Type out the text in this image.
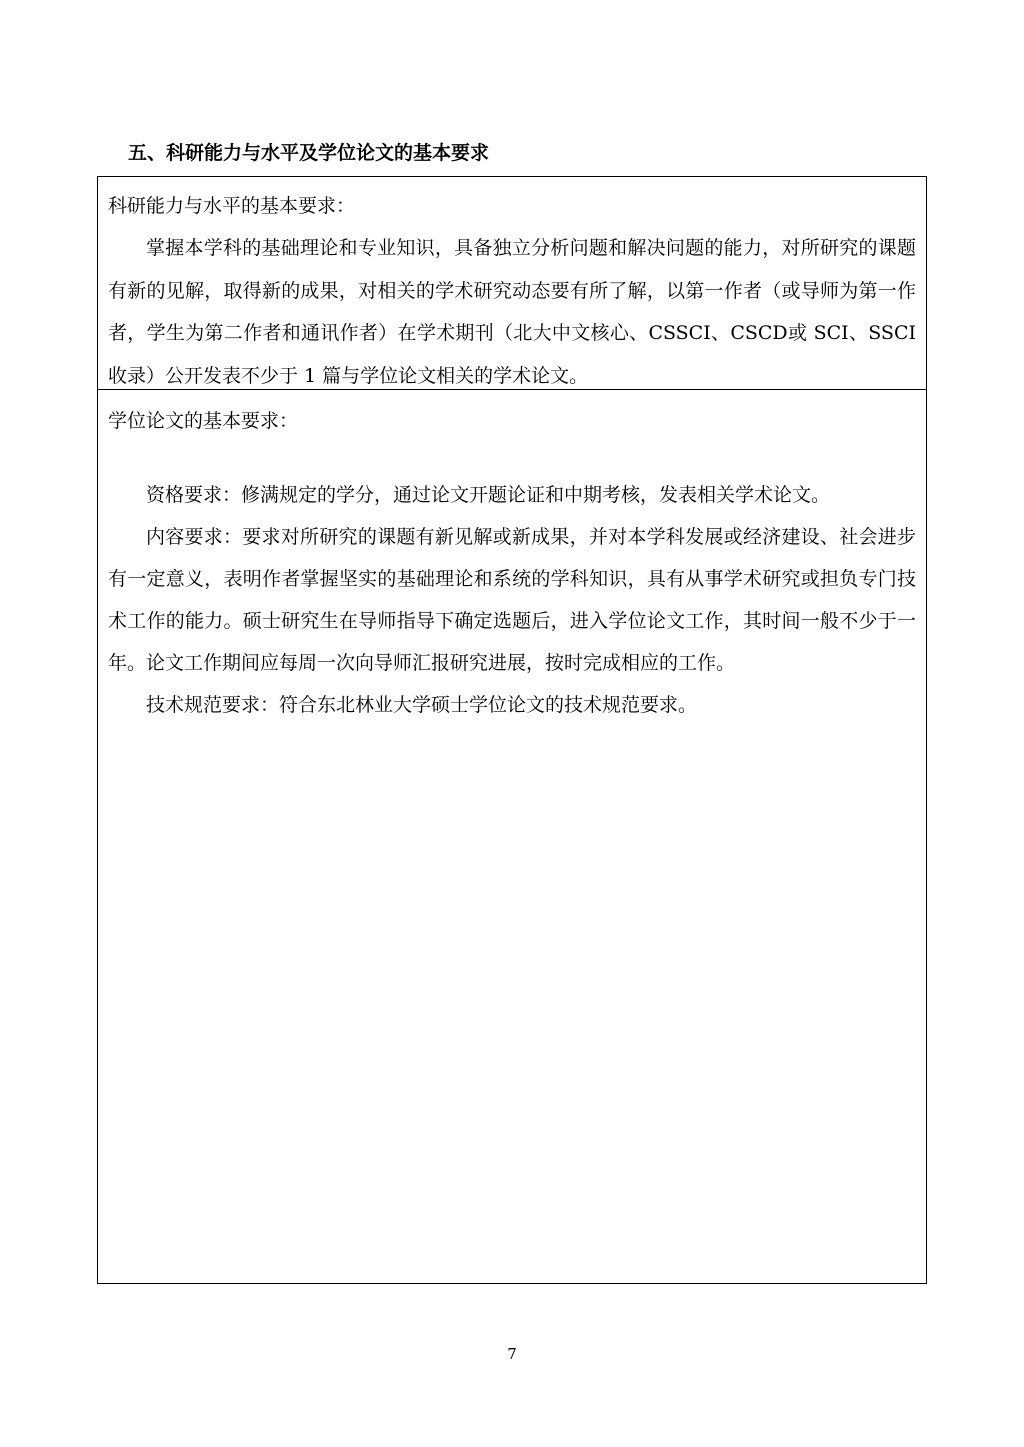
五、科研能力与水平及学位论文的基本要求
科研能力与水平的基本要求：

掌握本学科的基础理论和专业知识，具备独立分析问题和解决问题的能力，对所研究的课题有新的见解，取得新的成果，对相关的学术研究动态要有所了解，以第一作者（或导师为第一作者，学生为第二作者和通讯作者）在学术期刊（北大中文核心、CSSCI、CSCD或 SCI、SSCI 收录）公开发表不少于 1 篇与学位论文相关的学术论文。

学位论文的基本要求：

资格要求：修满规定的学分，通过论文开题论证和中期考核，发表相关学术论文。

内容要求：要求对所研究的课题有新见解或新成果，并对本学科发展或经济建设、社会进步有一定意义，表明作者掌握坚实的基础理论和系统的学科知识，具有从事学术研究或担负专门技术工作的能力。硕士研究生在导师指导下确定选题后，进入学位论文工作，其时间一般不少于一年。论文工作期间应每周一次向导师汇报研究进展，按时完成相应的工作。

技术规范要求：符合东北林业大学硕士学位论文的技术规范要求。

7
